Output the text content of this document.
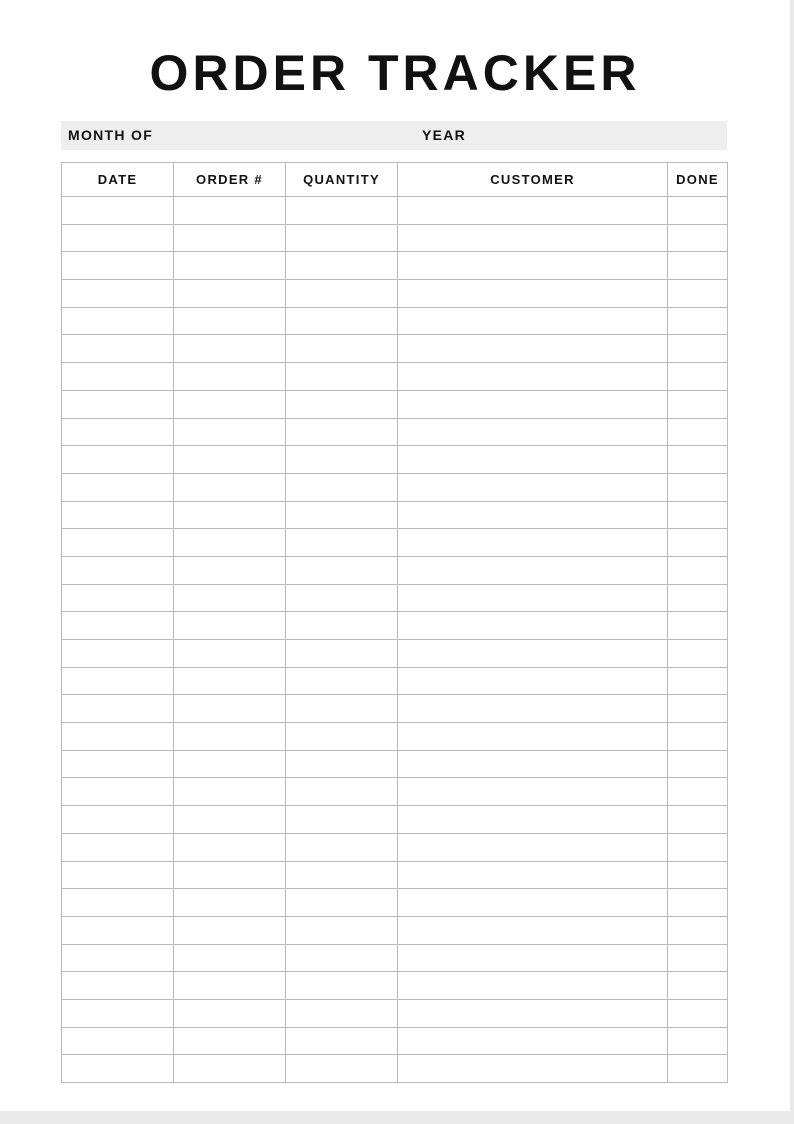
ORDER TRACKER
MONTH OF	YEAR
DATE	ORDER #	QUANTITY	CUSTOMER	DONE
